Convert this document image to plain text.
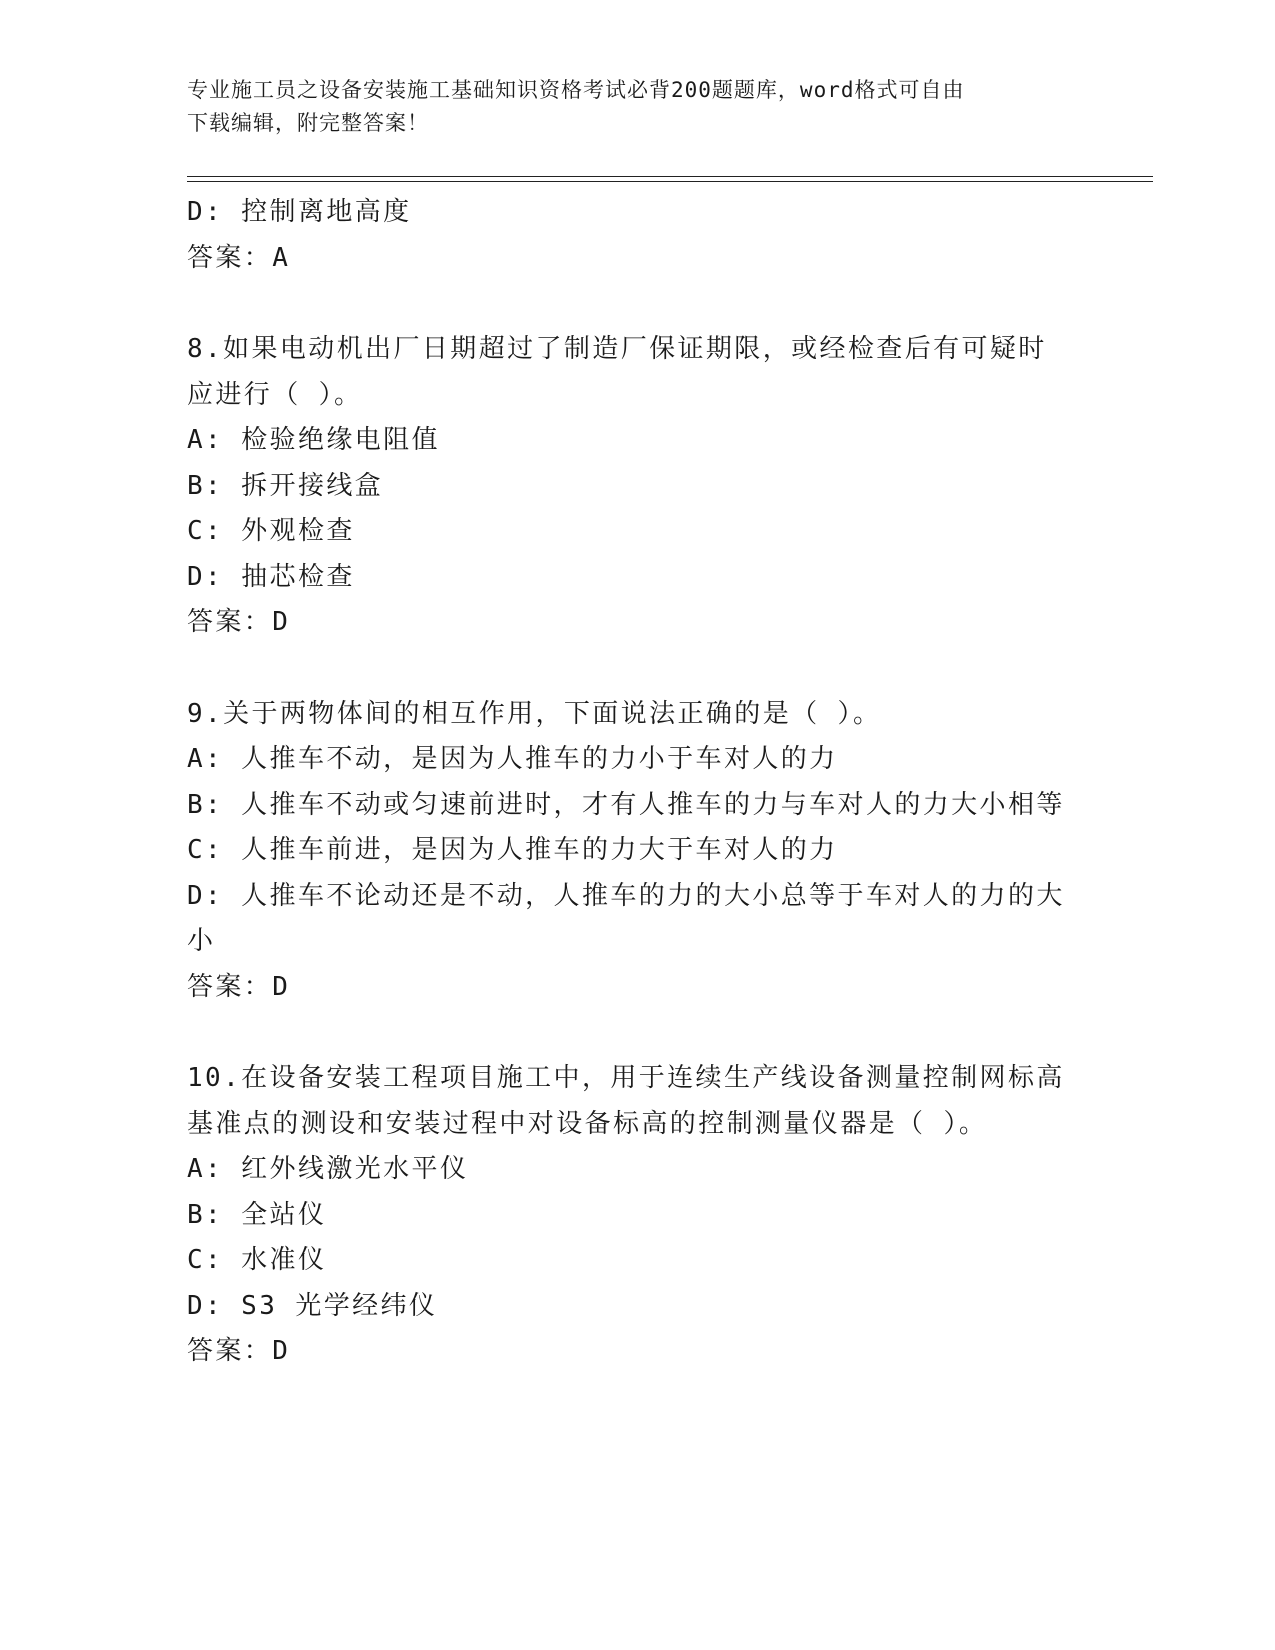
专业施工员之设备安装施工基础知识资格考试必背200题题库，word格式可自由
下载编辑，附完整答案！
D: 控制离地高度
答案：A
8.如果电动机出厂日期超过了制造厂保证期限，或经检查后有可疑时
应进行（ ）。
A: 检验绝缘电阻值
B: 拆开接线盒
C: 外观检查
D: 抽芯检查
答案：D
9.关于两物体间的相互作用，下面说法正确的是（ ）。
A: 人推车不动，是因为人推车的力小于车对人的力
B: 人推车不动或匀速前进时，才有人推车的力与车对人的力大小相等
C: 人推车前进，是因为人推车的力大于车对人的力
D: 人推车不论动还是不动，人推车的力的大小总等于车对人的力的大
小
答案：D
10.在设备安装工程项目施工中，用于连续生产线设备测量控制网标高
基准点的测设和安装过程中对设备标高的控制测量仪器是（ ）。
A: 红外线激光水平仪
B: 全站仪
C: 水准仪
D: S3 光学经纬仪
答案：D
